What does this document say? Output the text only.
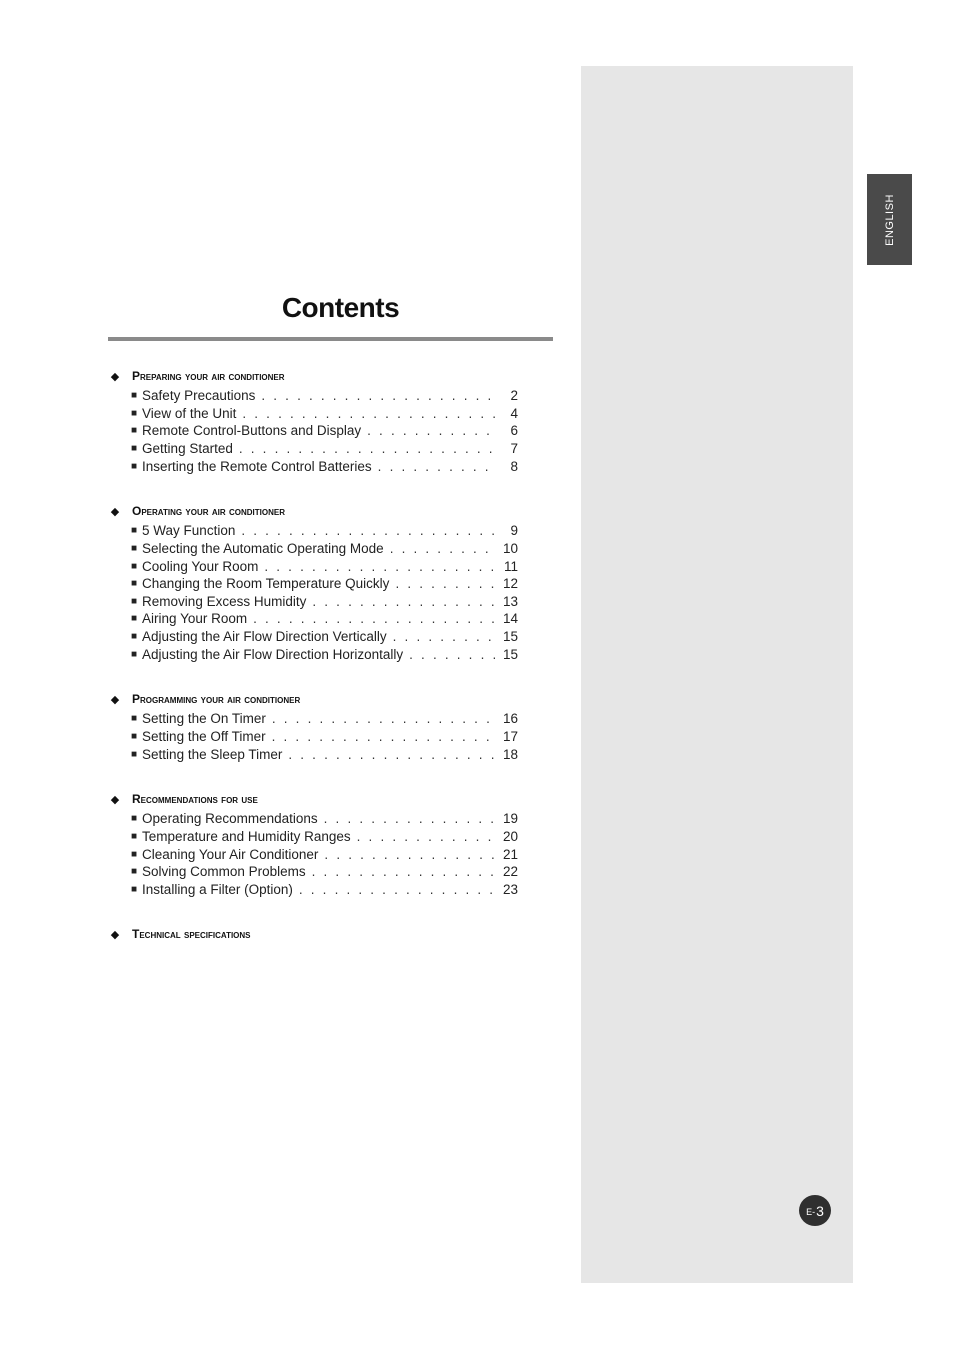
ENGLISH
Contents
◆ Preparing your air conditioner
■ Safety Precautions . . .	2
■ View of the Unit . . .	4
■ Remote Control-Buttons and Display . . .	6
■ Getting Started . . .	7
■ Inserting the Remote Control Batteries . . .	8
◆ Operating your air conditioner
■ 5 Way Function . . .	9
■ Selecting the Automatic Operating Mode . . .	10
■ Cooling Your Room . . .	11
■ Changing the Room Temperature Quickly . . .	12
■ Removing Excess Humidity . . .	13
■ Airing Your Room . . .	14
■ Adjusting the Air Flow Direction Vertically . . .	15
■ Adjusting the Air Flow Direction Horizontally . . .	15
◆ Programming your air conditioner
■ Setting the On Timer . . .	16
■ Setting the Off Timer . . .	17
■ Setting the Sleep Timer . . .	18
◆ Recommendations for use
■ Operating Recommendations . . .	19
■ Temperature and Humidity Ranges . . .	20
■ Cleaning Your Air Conditioner . . .	21
■ Solving Common Problems . . .	22
■ Installing a Filter (Option) . . .	23
◆ Technical specifications
E- 3
